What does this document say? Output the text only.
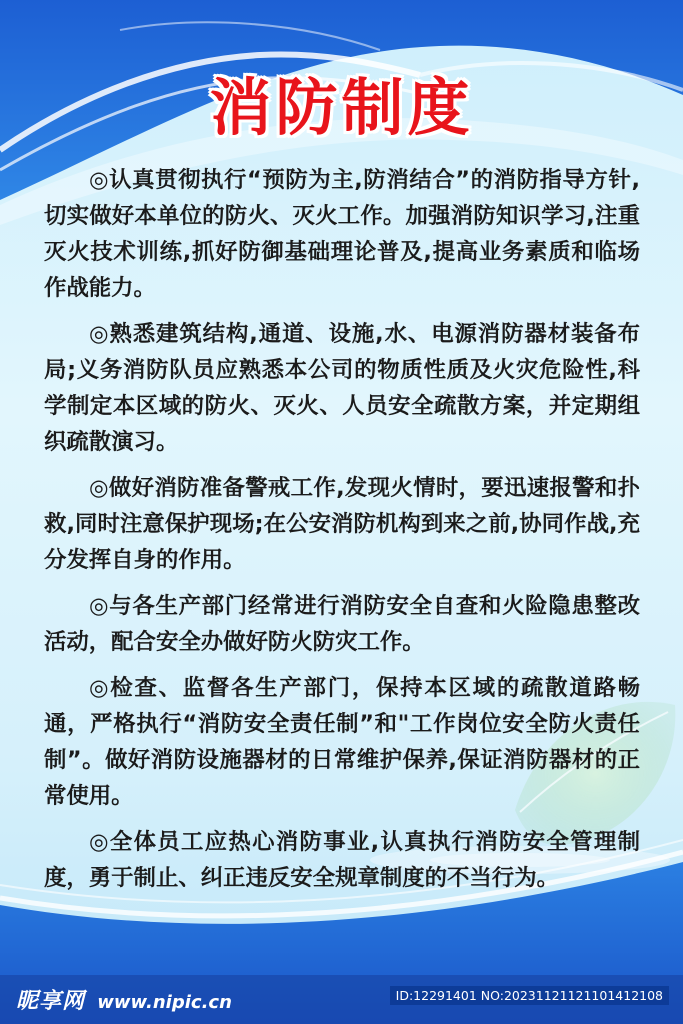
消防制度

◎认真贯彻执行“预防为主,防消结合”的消防指导方针,切实做好本单位的防火、灭火工作。加强消防知识学习,注重灭火技术训练,抓好防御基础理论普及,提高业务素质和临场作战能力。

◎熟悉建筑结构,通道、设施,水、电源消防器材装备布局;义务消防队员应熟悉本公司的物质性质及火灾危险性,科学制定本区域的防火、灭火、人员安全疏散方案，并定期组织疏散演习。

◎做好消防准备警戒工作,发现火情时，要迅速报警和扑救,同时注意保护现场;在公安消防机构到来之前,协同作战,充分发挥自身的作用。

◎与各生产部门经常进行消防安全自查和火险隐患整改活动，配合安全办做好防火防灾工作。

◎检查、监督各生产部门，保持本区域的疏散道路畅通，严格执行“消防安全责任制”和"工作岗位安全防火责任制”。做好消防设施器材的日常维护保养,保证消防器材的正常使用。

◎全体员工应热心消防事业,认真执行消防安全管理制度，勇于制止、纠正违反安全规章制度的不当行为。

昵享网 www.nipic.cn	ID:12291401 NO:20231121121101412108
